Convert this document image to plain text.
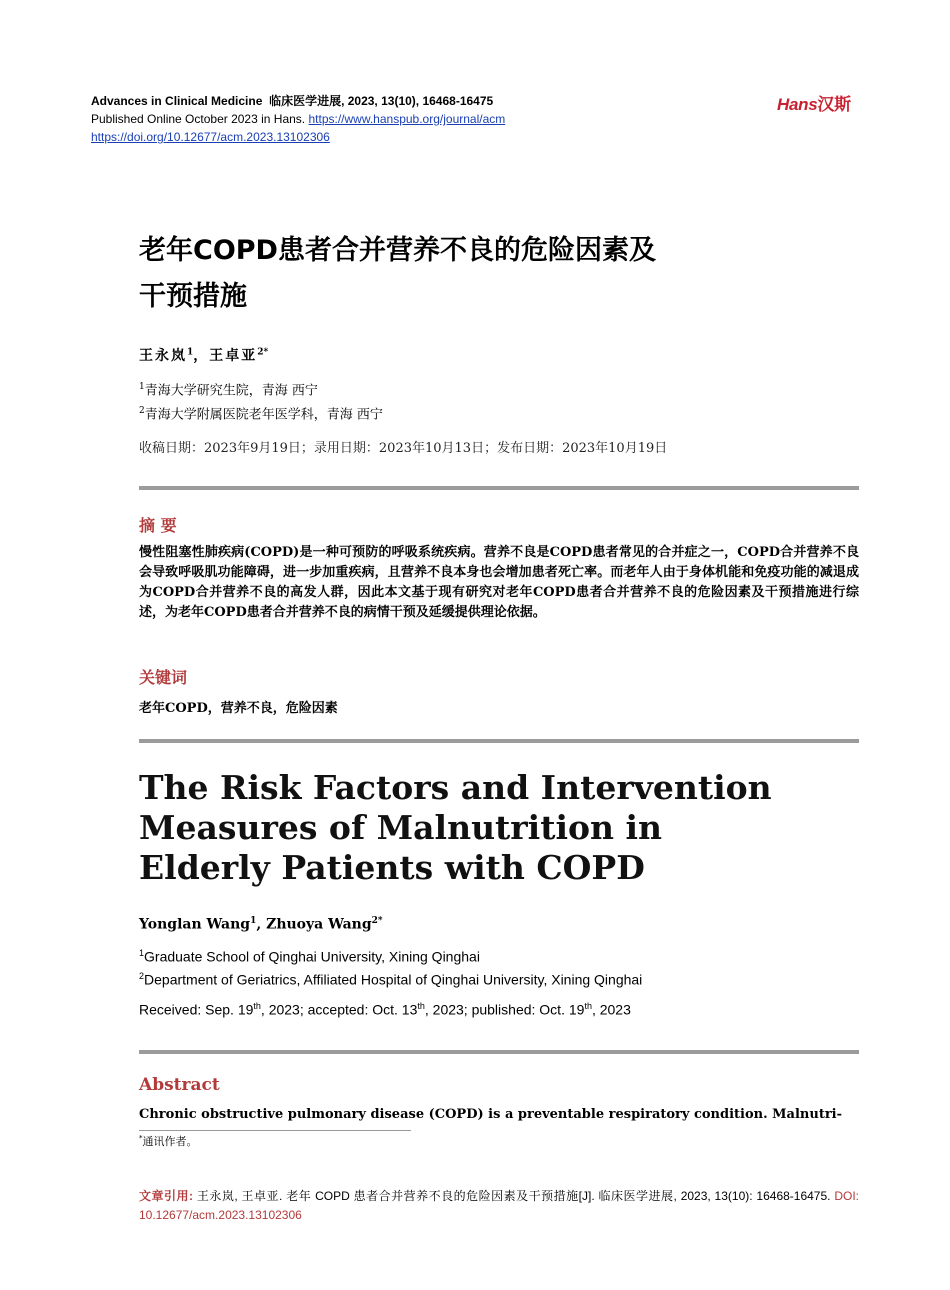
Advances in Clinical Medicine 临床医学进展, 2023, 13(10), 16468-16475
Published Online October 2023 in Hans. https://www.hanspub.org/journal/acm
https://doi.org/10.12677/acm.2023.13102306
Hans汉斯
老年COPD患者合并营养不良的危险因素及
干预措施
王永岚$^1$，王卓亚$^{2*}$
$^1$青海大学研究生院，青海 西宁
$^2$青海大学附属医院老年医学科，青海 西宁
收稿日期：2023年9月19日；录用日期：2023年10月13日；发布日期：2023年10月19日
摘 要
慢性阻塞性肺疾病(COPD)是一种可预防的呼吸系统疾病。营养不良是COPD患者常见的合并症之一，COPD合并营养不良会导致呼吸肌功能障碍，进一步加重疾病，且营养不良本身也会增加患者死亡率。而老年人由于身体机能和免疫功能的减退成为COPD合并营养不良的高发人群，因此本文基于现有研究对老年COPD患者合并营养不良的危险因素及干预措施进行综述，为老年COPD患者合并营养不良的病情干预及延缓提供理论依据。
关键词
老年COPD，营养不良，危险因素
The Risk Factors and Intervention
Measures of Malnutrition in
Elderly Patients with COPD
Yonglan Wang$^1$, Zhuoya Wang$^{2*}$
$^1$Graduate School of Qinghai University, Xining Qinghai
$^2$Department of Geriatrics, Affiliated Hospital of Qinghai University, Xining Qinghai
Received: Sep. 19th, 2023; accepted: Oct. 13th, 2023; published: Oct. 19th, 2023
Abstract
Chronic obstructive pulmonary disease (COPD) is a preventable respiratory condition. Malnutri-
*通讯作者。
文章引用: 王永岚, 王卓亚. 老年 COPD 患者合并营养不良的危险因素及干预措施[J]. 临床医学进展, 2023, 13(10): 16468-16475. DOI: 10.12677/acm.2023.13102306
